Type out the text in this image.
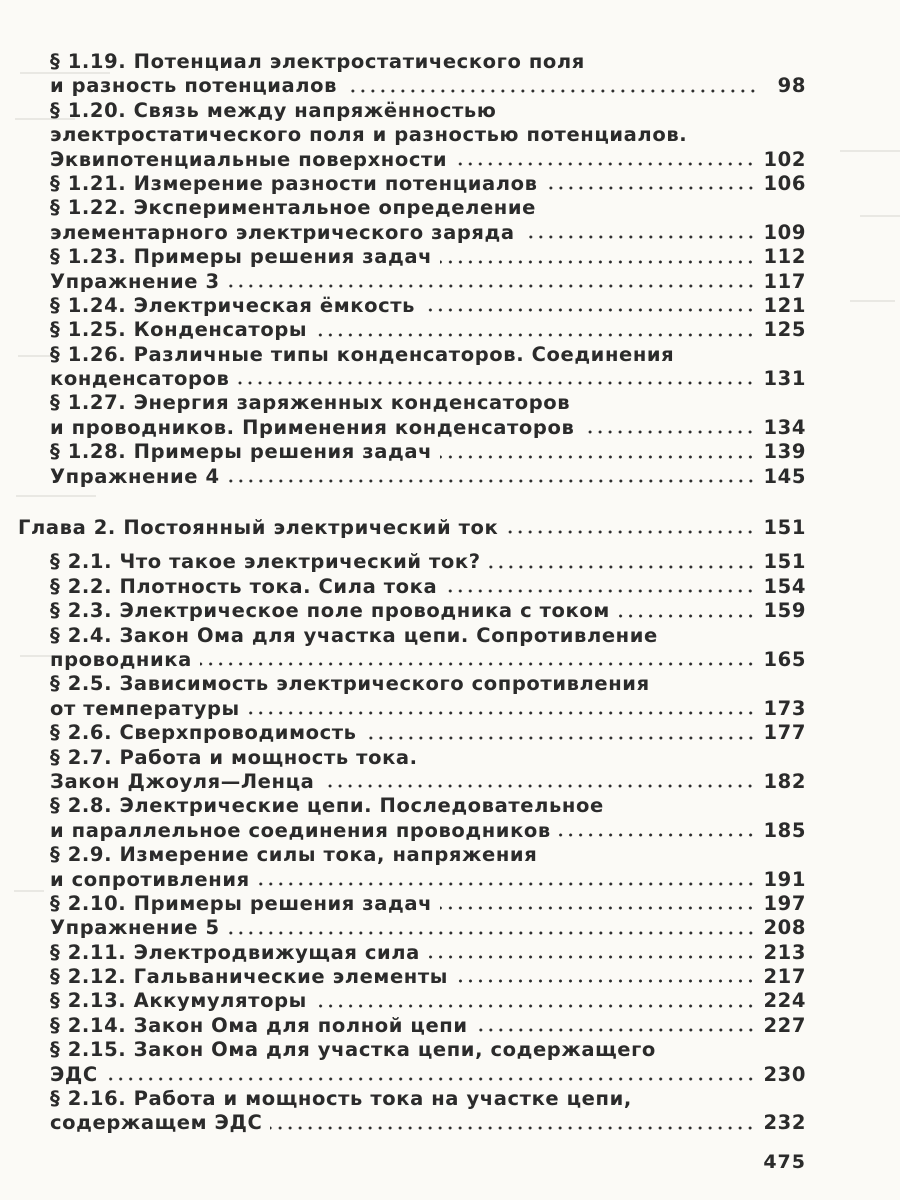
§ 1.19. Потенциал электростатического поля
и разность потенциалов	98
§ 1.20. Связь между напряжённостью
электростатического поля и разностью потенциалов.
Эквипотенциальные поверхности	102
§ 1.21. Измерение разности потенциалов	106
§ 1.22. Экспериментальное определение
элементарного электрического заряда	109
§ 1.23. Примеры решения задач	112
Упражнение 3	117
§ 1.24. Электрическая ёмкость	121
§ 1.25. Конденсаторы	125
§ 1.26. Различные типы конденсаторов. Соединения
конденсаторов	131
§ 1.27. Энергия заряженных конденсаторов
и проводников. Применения конденсаторов	134
§ 1.28. Примеры решения задач	139
Упражнение 4	145
Глава 2. Постоянный электрический ток	151
§ 2.1. Что такое электрический ток?	151
§ 2.2. Плотность тока. Сила тока	154
§ 2.3. Электрическое поле проводника с током	159
§ 2.4. Закон Ома для участка цепи. Сопротивление
проводника	165
§ 2.5. Зависимость электрического сопротивления
от температуры	173
§ 2.6. Сверхпроводимость	177
§ 2.7. Работа и мощность тока.
Закон Джоуля—Ленца	182
§ 2.8. Электрические цепи. Последовательное
и параллельное соединения проводников	185
§ 2.9. Измерение силы тока, напряжения
и сопротивления	191
§ 2.10. Примеры решения задач	197
Упражнение 5	208
§ 2.11. Электродвижущая сила	213
§ 2.12. Гальванические элементы	217
§ 2.13. Аккумуляторы	224
§ 2.14. Закон Ома для полной цепи	227
§ 2.15. Закон Ома для участка цепи, содержащего
ЭДС	230
§ 2.16. Работа и мощность тока на участке цепи,
содержащем ЭДС	232
475
